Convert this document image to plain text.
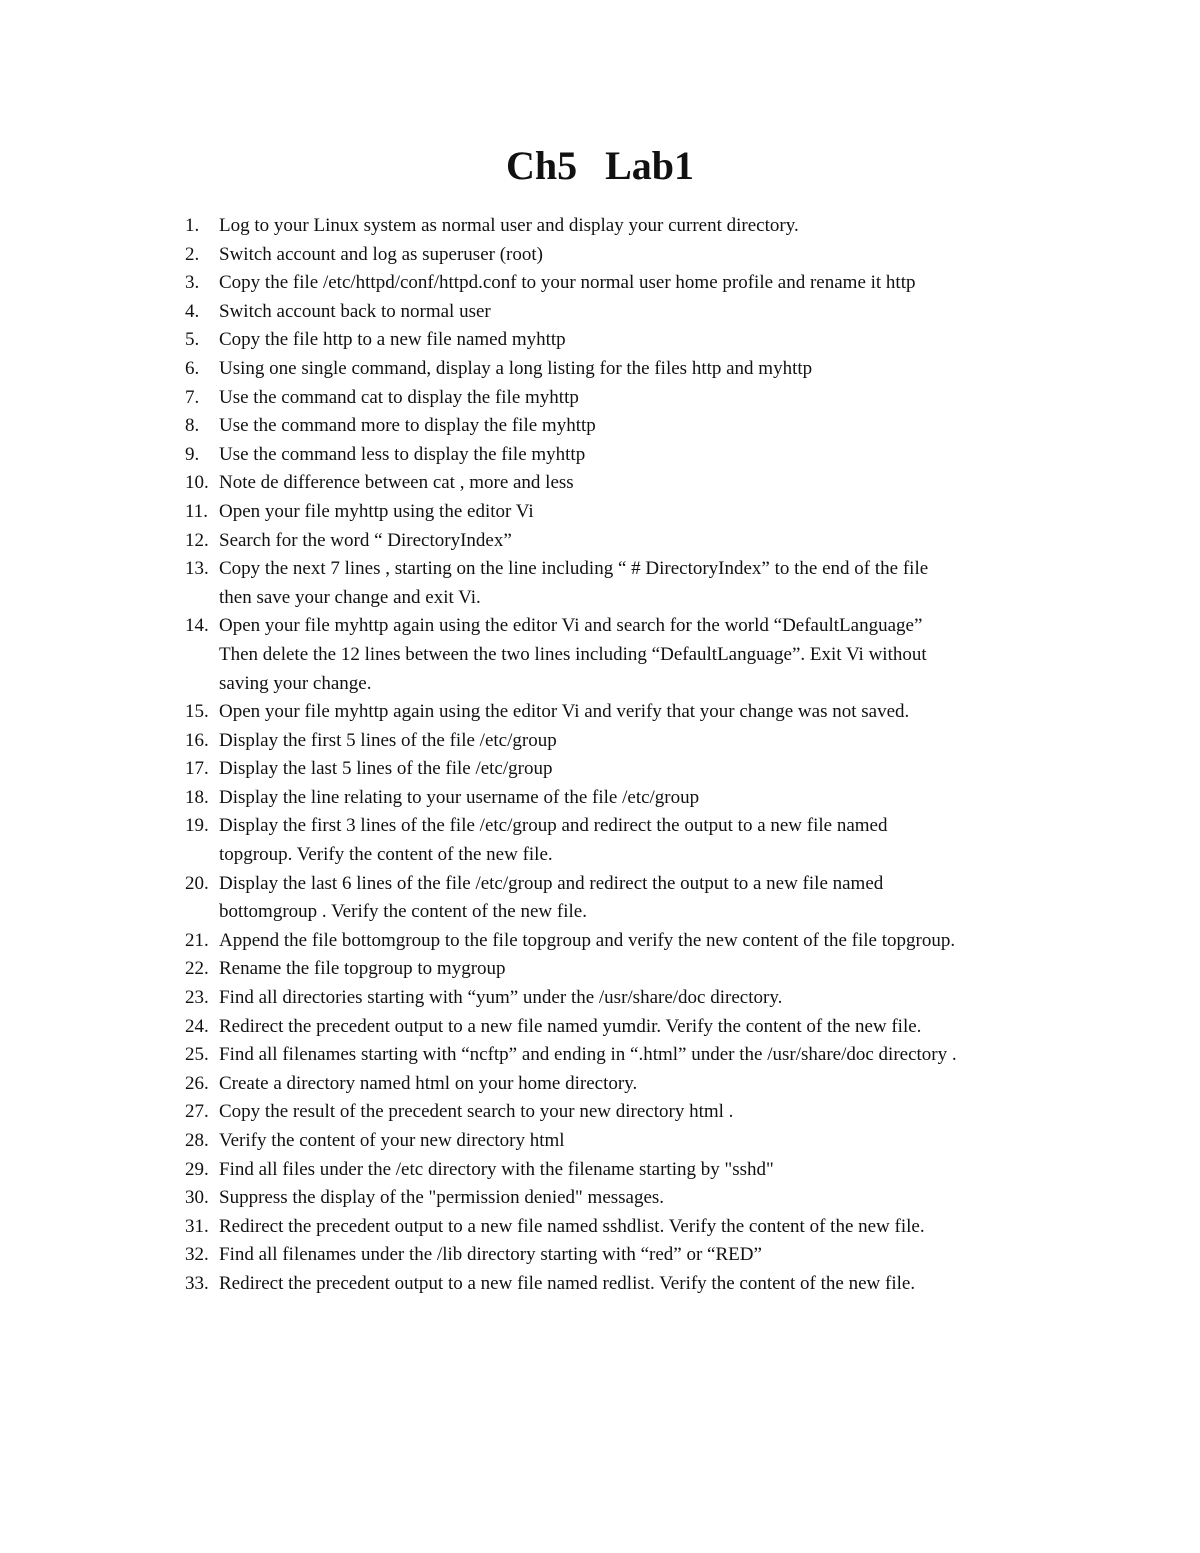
Ch5 Lab1
1. Log to your Linux system as normal user and display your current directory.
2. Switch account and log as superuser (root)
3. Copy the file /etc/httpd/conf/httpd.conf to your normal user home profile and rename it http
4. Switch account back to normal user
5. Copy the file http to a new file named myhttp
6. Using one single command, display a long listing for the files http and myhttp
7. Use the command cat to display the file myhttp
8. Use the command more to display the file myhttp
9. Use the command less to display the file myhttp
10. Note de difference between cat , more and less
11. Open your file myhttp using the editor Vi
12. Search for the word “ DirectoryIndex”
13. Copy the next 7 lines , starting on the line including “ # DirectoryIndex” to the end of the file
then save your change and exit Vi.
14. Open your file myhttp again using the editor Vi and search for the world “DefaultLanguage”
Then delete the 12 lines between the two lines including “DefaultLanguage”. Exit Vi without
saving your change.
15. Open your file myhttp again using the editor Vi and verify that your change was not saved.
16. Display the first 5 lines of the file /etc/group
17. Display the last 5 lines of the file /etc/group
18. Display the line relating to your username of the file /etc/group
19. Display the first 3 lines of the file /etc/group and redirect the output to a new file named
topgroup. Verify the content of the new file.
20. Display the last 6 lines of the file /etc/group and redirect the output to a new file named
bottomgroup . Verify the content of the new file.
21. Append the file bottomgroup to the file topgroup and verify the new content of the file topgroup.
22. Rename the file topgroup to mygroup
23. Find all directories starting with “yum” under the /usr/share/doc directory.
24. Redirect the precedent output to a new file named yumdir. Verify the content of the new file.
25. Find all filenames starting with “ncftp” and ending in “.html” under the /usr/share/doc directory .
26. Create a directory named html on your home directory.
27. Copy the result of the precedent search to your new directory html .
28. Verify the content of your new directory html
29. Find all files under the /etc directory with the filename starting by "sshd"
30. Suppress the display of the "permission denied" messages.
31. Redirect the precedent output to a new file named sshdlist. Verify the content of the new file.
32. Find all filenames under the /lib directory starting with “red” or “RED”
33. Redirect the precedent output to a new file named redlist. Verify the content of the new file.
